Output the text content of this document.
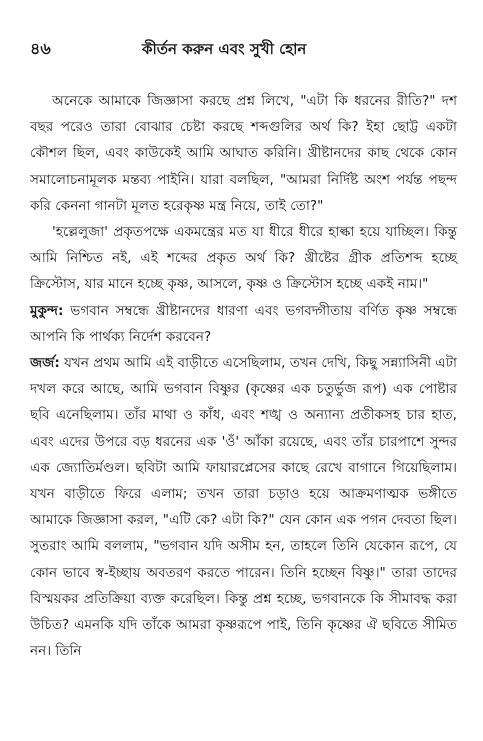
৪৬	কীর্তন করুন এবং সুখী হোন

অনেকে আমাকে জিজ্ঞাসা করছে প্রশ্ন লিখে, "এটা কি ধরনের রীতি?" দশ বছর পরেও তারা বোঝার চেষ্টা করছে শব্দগুলির অর্থ কি? ইহা ছোট্ট একটা কৌশল ছিল, এবং কাউকেই আমি আঘাত করিনি। খ্রীষ্টানদের কাছ থেকে কোন সমালোচনামূলক মন্তব্য পাইনি। যারা বলছিল, "আমরা নির্দিষ্ট অংশ পর্যন্ত পছন্দ করি কেননা গানটা মূলত হরেকৃষ্ণ মন্ত্র নিয়ে, তাই তো?"

'হল্লেলুজা' প্রকৃতপক্ষে একমন্ত্রের মত যা ধীরে ধীরে হাল্কা হয়ে যাচ্ছিল। কিন্তু আমি নিশ্চিত নই, এই শব্দের প্রকৃত অর্থ কি? খ্রীষ্টের গ্রীক প্রতিশব্দ হচ্ছে ক্রিস্টোস, যার মানে হচ্ছে কৃষ্ণ, আসলে, কৃষ্ণ ও ক্রিস্টোস হচ্ছে একই নাম।"

মুকুন্দ: ভগবান সম্বন্ধে খ্রীষ্টানদের ধারণা এবং ভগবদ্গীতায় বর্ণিত কৃষ্ণ সম্বন্ধে আপনি কি পার্থক্য নির্দেশ করবেন?

জর্জ: যখন প্রথম আমি এই বাড়ীতে এসেছিলাম, তখন দেখি, কিছু সন্ন্যাসিনী এটা দখল করে আছে, আমি ভগবান বিষ্ণুর (কৃষ্ণের এক চতুর্ভুজ রূপ) এক পোষ্টার ছবি এনেছিলাম। তাঁর মাথা ও কাঁধ, এবং শঙ্খ ও অন্যান্য প্রতীকসহ চার হাত, এবং এদের উপরে বড় ধরনের এক 'ওঁ' আঁকা রয়েছে, এবং তাঁর চারপাশে সুন্দর এক জ্যোতির্মণ্ডল। ছবিটা আমি ফায়ারপ্লেসের কাছে রেখে বাগানে গিয়েছিলাম। যখন বাড়ীতে ফিরে এলাম; তখন তারা চড়াও হয়ে আক্রমণাত্মক ভঙ্গীতে আমাকে জিজ্ঞাসা করল, "এটি কে? এটা কি?" যেন কোন এক পগন দেবতা ছিল। সুতরাং আমি বললাম, "ভগবান যদি অসীম হন, তাহলে তিনি যেকোন রূপে, যে কোন ভাবে স্ব-ইচ্ছায় অবতরণ করতে পারেন। তিনি হচ্ছেন বিষ্ণু।" তারা তাদের বিস্ময়কর প্রতিক্রিয়া ব্যক্ত করেছিল। কিন্তু প্রশ্ন হচ্ছে, ভগবানকে কি সীমাবদ্ধ করা উচিত? এমনকি যদি তাঁকে আমরা কৃষ্ণরূপে পাই, তিনি কৃষ্ণের ঐ ছবিতে সীমিত নন। তিনি
